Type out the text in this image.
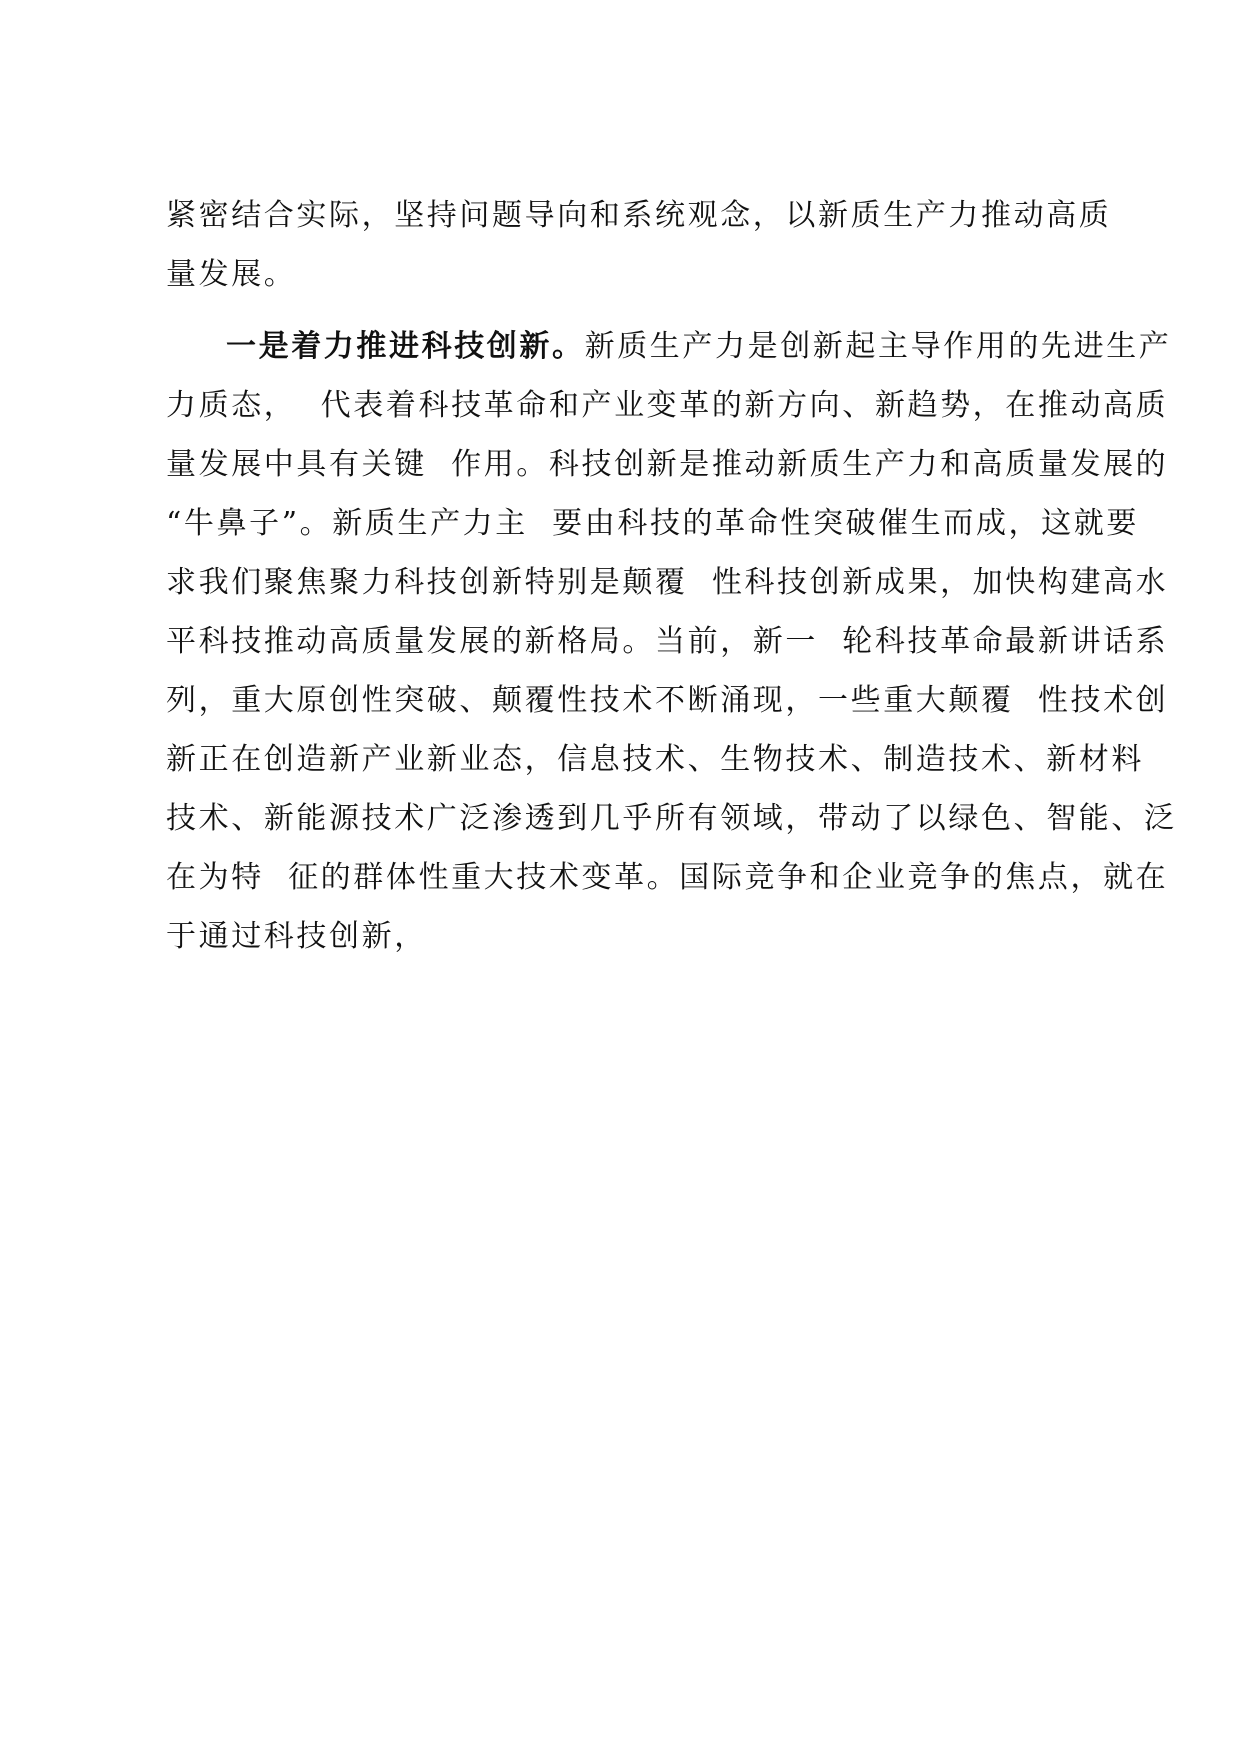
紧密结合实际，坚持问题导向和系统观念，以新质生产力推动高质
量发展。
一是着力推进科技创新。新质生产力是创新起主导作用的先进生产
力质态，  代表着科技革命和产业变革的新方向、新趋势，在推动高质
量发展中具有关键  作用。科技创新是推动新质生产力和高质量发展的
“牛鼻子”。新质生产力主  要由科技的革命性突破催生而成，这就要
求我们聚焦聚力科技创新特别是颠覆  性科技创新成果，加快构建高水
平科技推动高质量发展的新格局。当前，新一  轮科技革命最新讲话系
列，重大原创性突破、颠覆性技术不断涌现，一些重大颠覆  性技术创
新正在创造新产业新业态，信息技术、生物技术、制造技术、新材料
技术、新能源技术广泛渗透到几乎所有领域，带动了以绿色、智能、泛
在为特  征的群体性重大技术变革。国际竞争和企业竞争的焦点，就在
于通过科技创新，
